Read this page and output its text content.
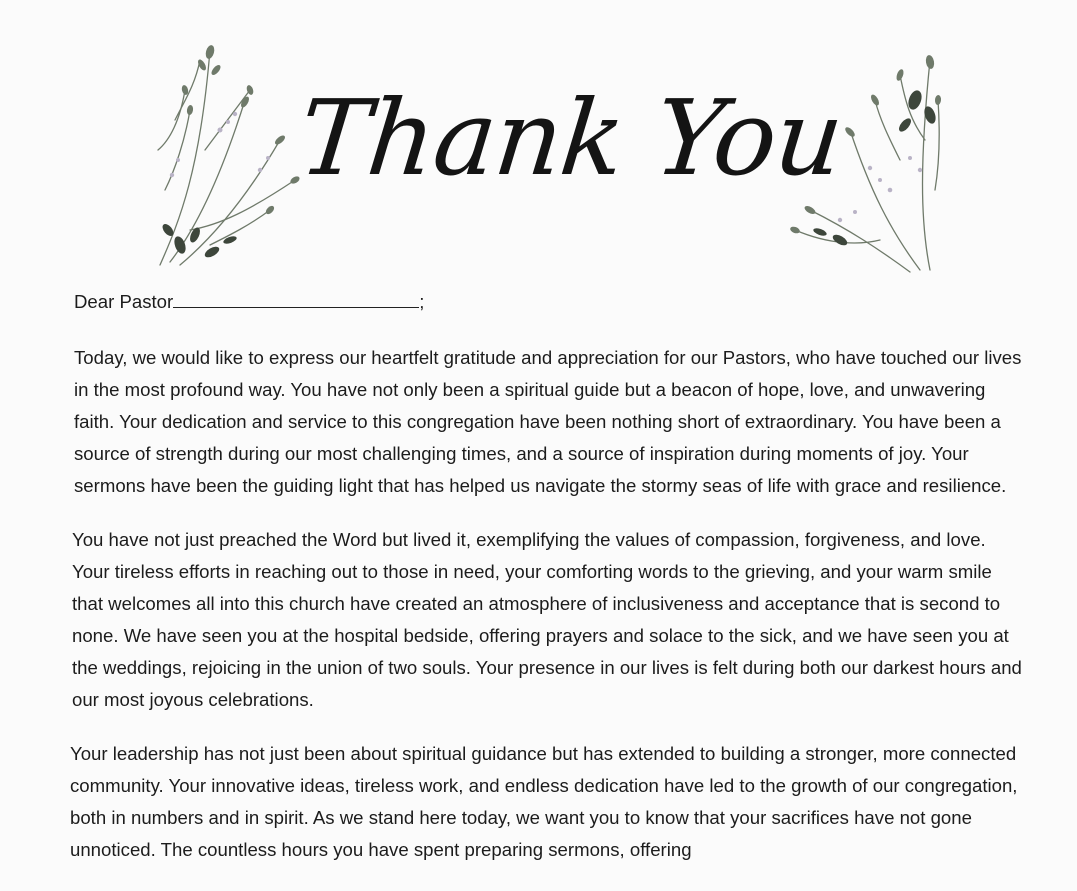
Thank You
Dear Pastor	;

Today, we would like to express our heartfelt gratitude and appreciation for our Pastors, who have touched our lives in the most profound way. You have not only been a spiritual guide but a beacon of hope, love, and unwavering faith. Your dedication and service to this congregation have been nothing short of extraordinary. You have been a source of strength during our most challenging times, and a source of inspiration during moments of joy. Your sermons have been the guiding light that has helped us navigate the stormy seas of life with grace and resilience.

You have not just preached the Word but lived it, exemplifying the values of compassion, forgiveness, and love. Your tireless efforts in reaching out to those in need, your comforting words to the grieving, and your warm smile that welcomes all into this church have created an atmosphere of inclusiveness and acceptance that is second to none. We have seen you at the hospital bedside, offering prayers and solace to the sick, and we have seen you at the weddings, rejoicing in the union of two souls. Your presence in our lives is felt during both our darkest hours and our most joyous celebrations.

Your leadership has not just been about spiritual guidance but has extended to building a stronger, more connected community. Your innovative ideas, tireless work, and endless dedication have led to the growth of our congregation, both in numbers and in spirit. As we stand here today, we want you to know that your sacrifices have not gone unnoticed. The countless hours you have spent preparing sermons, offering
